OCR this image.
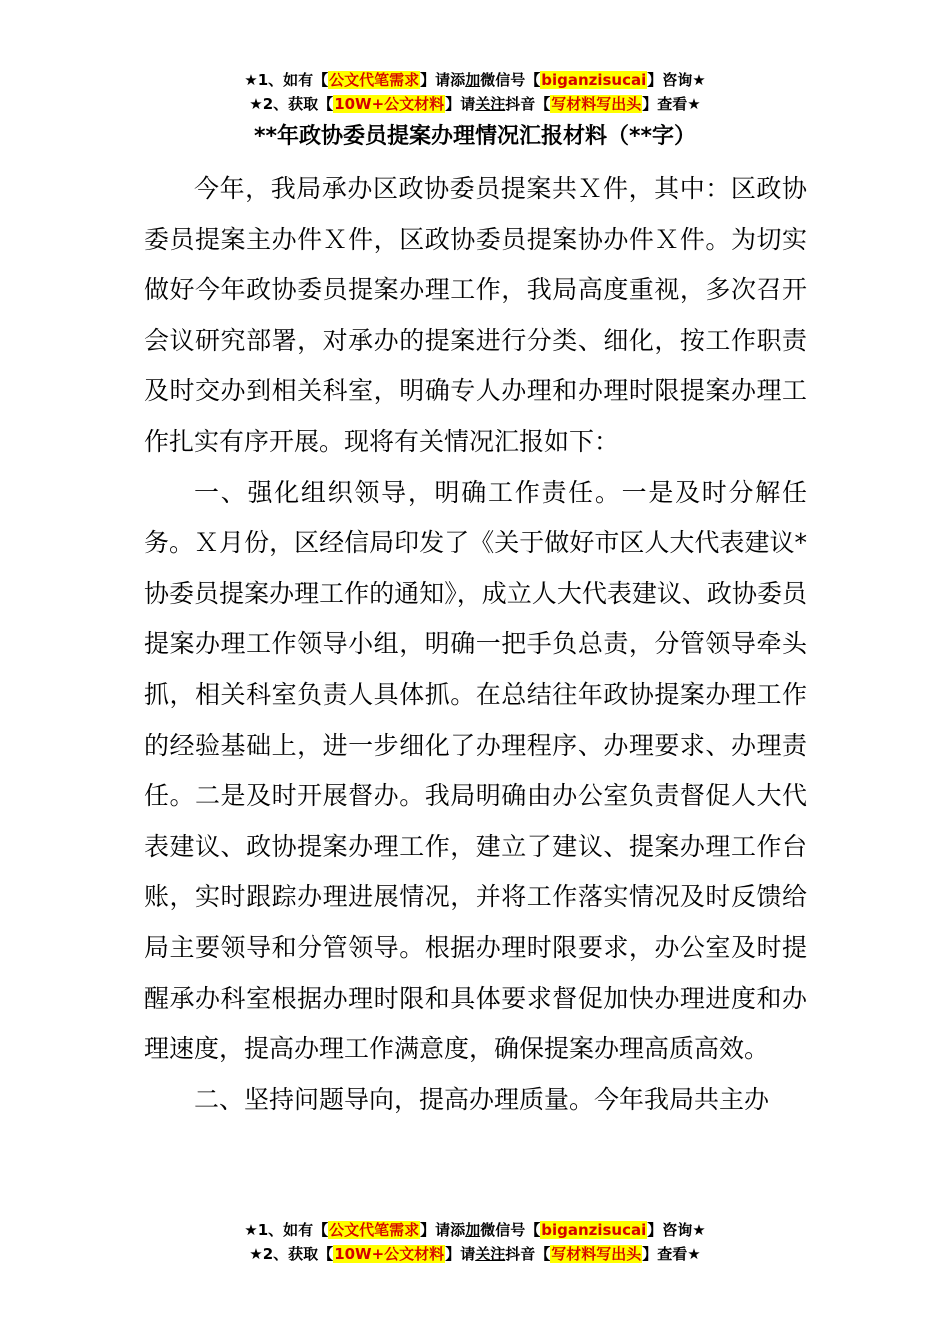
★1、如有【公文代笔需求】请添加微信号【biganzisucai】咨询★
★2、获取【10W+公文材料】请关注抖音【写材料写出头】查看★
**年政协委员提案办理情况汇报材料（**字）

今年，我局承办区政协委员提案共Ｘ件，其中：区政协委员提案主办件Ｘ件，区政协委员提案协办件Ｘ件。为切实做好今年政协委员提案办理工作，我局高度重视，多次召开会议研究部署，对承办的提案进行分类、细化，按工作职责及时交办到相关科室，明确专人办理和办理时限提案办理工作扎实有序开展。现将有关情况汇报如下：

一、强化组织领导，明确工作责任。一是及时分解任务。Ｘ月份，区经信局印发了《关于做好市区人大代表建议*协委员提案办理工作的通知》，成立人大代表建议、政协委员提案办理工作领导小组，明确一把手负总责，分管领导牵头抓，相关科室负责人具体抓。在总结往年政协提案办理工作的经验基础上，进一步细化了办理程序、办理要求、办理责任。二是及时开展督办。我局明确由办公室负责督促人大代表建议、政协提案办理工作，建立了建议、提案办理工作台账，实时跟踪办理进展情况，并将工作落实情况及时反馈给局主要领导和分管领导。根据办理时限要求，办公室及时提醒承办科室根据办理时限和具体要求督促加快办理进度和办理速度，提高办理工作满意度，确保提案办理高质高效。

二、坚持问题导向，提高办理质量。今年我局共主办

★1、如有【公文代笔需求】请添加微信号【biganzisucai】咨询★
★2、获取【10W+公文材料】请关注抖音【写材料写出头】查看★
